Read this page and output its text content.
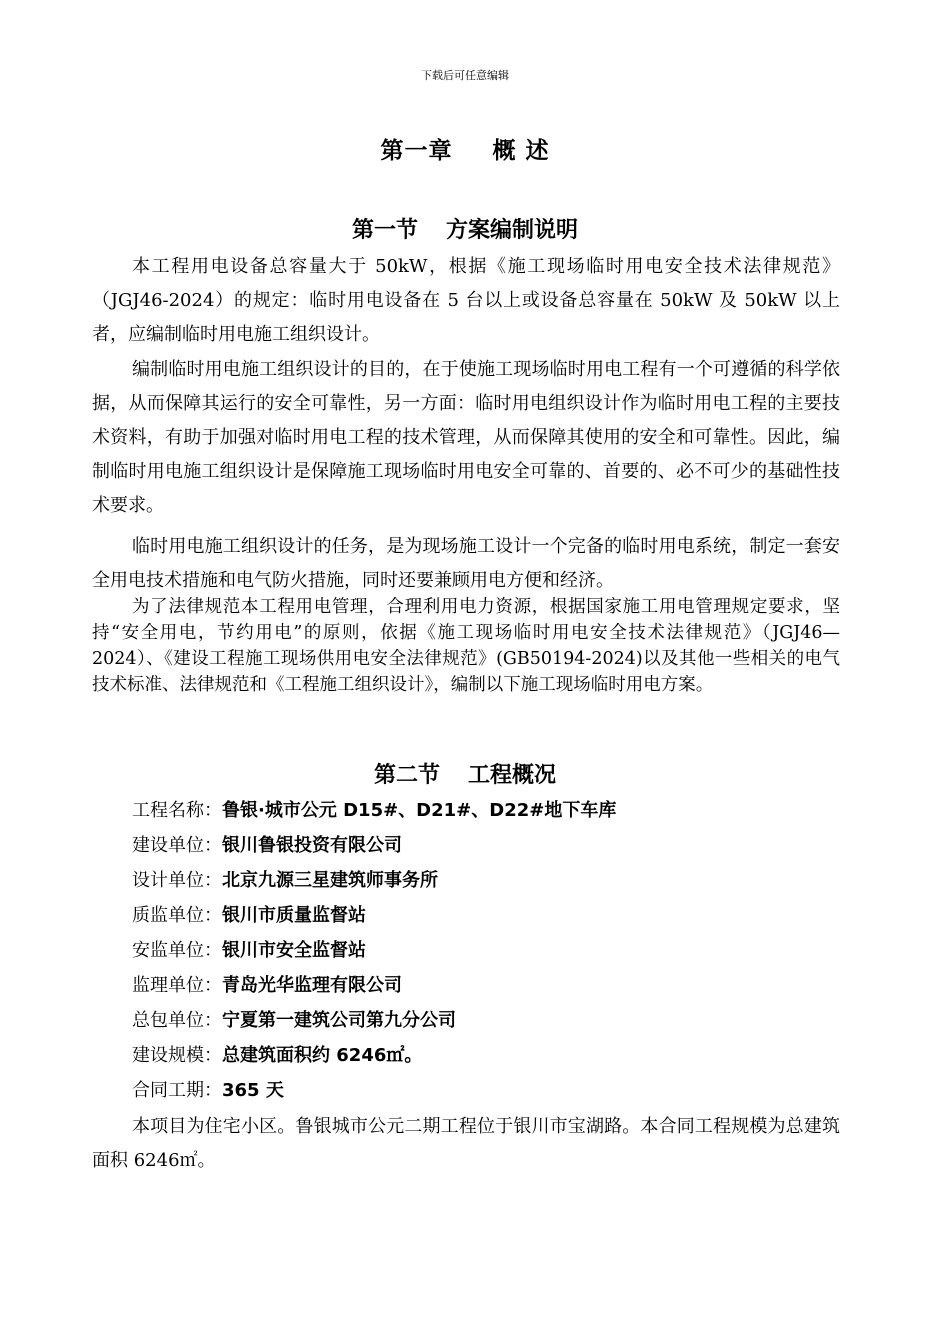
下载后可任意编辑
第一章 概 述
第一节 方案编制说明

本工程用电设备总容量大于 50kW，根据《施工现场临时用电安全技术法律规范》（JGJ46-2024）的规定：临时用电设备在 5 台以上或设备总容量在 50kW 及 50kW 以上者，应编制临时用电施工组织设计。

编制临时用电施工组织设计的目的，在于使施工现场临时用电工程有一个可遵循的科学依据，从而保障其运行的安全可靠性，另一方面：临时用电组织设计作为临时用电工程的主要技术资料，有助于加强对临时用电工程的技术管理，从而保障其使用的安全和可靠性。因此，编制临时用电施工组织设计是保障施工现场临时用电安全可靠的、首要的、必不可少的基础性技术要求。

临时用电施工组织设计的任务，是为现场施工设计一个完备的临时用电系统，制定一套安全用电技术措施和电气防火措施，同时还要兼顾用电方便和经济。

为了法律规范本工程用电管理，合理利用电力资源，根据国家施工用电管理规定要求，坚持“安全用电，节约用电”的原则，依据《施工现场临时用电安全技术法律规范》（JGJ46—2024）、《建设工程施工现场供用电安全法律规范》(GB50194-2024)以及其他一些相关的电气技术标准、法律规范和《工程施工组织设计》，编制以下施工现场临时用电方案。

第二节 工程概况
工程名称：鲁银·城市公元 D15#、D21#、D22#地下车库
建设单位：银川鲁银投资有限公司
设计单位：北京九源三星建筑师事务所
质监单位：银川市质量监督站
安监单位：银川市安全监督站
监理单位：青岛光华监理有限公司
总包单位：宁夏第一建筑公司第九分公司
建设规模：总建筑面积约 6246㎡。
合同工期：365 天

本项目为住宅小区。鲁银城市公元二期工程位于银川市宝湖路。本合同工程规模为总建筑面积 6246㎡。
